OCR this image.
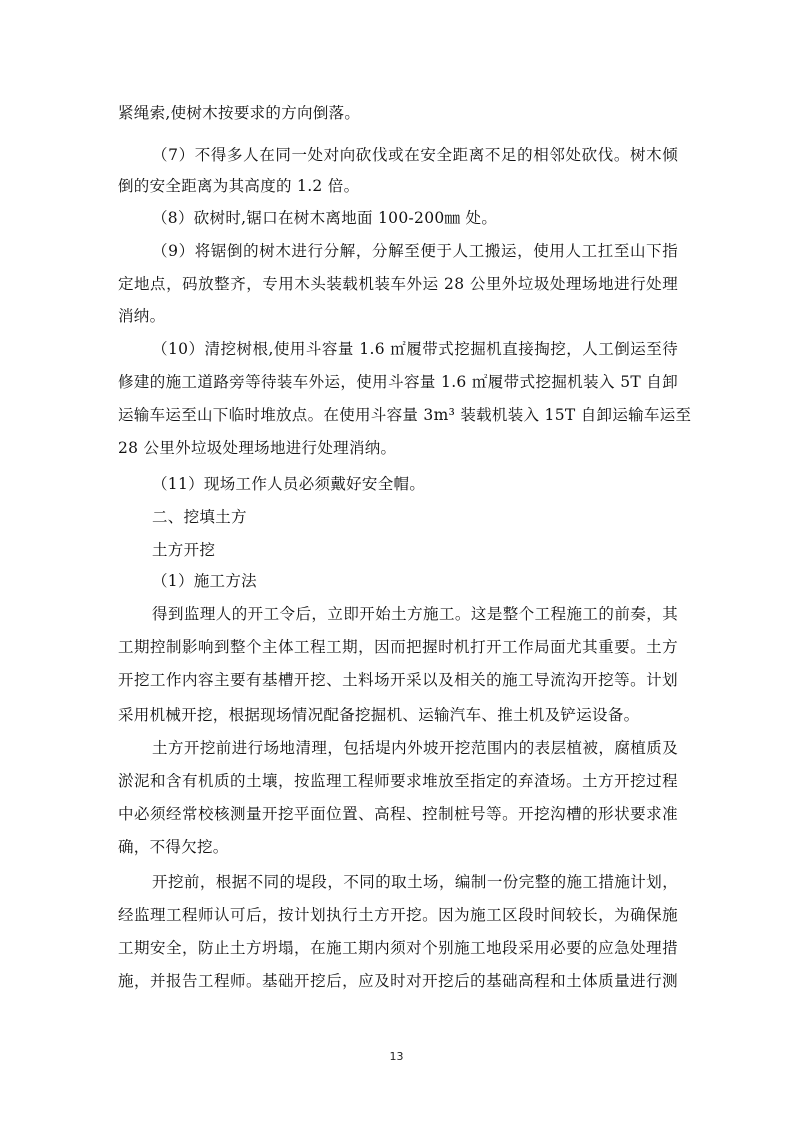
紧绳索,使树木按要求的方向倒落。
（7）不得多人在同一处对向砍伐或在安全距离不足的相邻处砍伐。树木倾
倒的安全距离为其高度的 1.2 倍。
（8）砍树时,锯口在树木离地面 100-200㎜ 处。
（9）将锯倒的树木进行分解，分解至便于人工搬运，使用人工扛至山下指
定地点，码放整齐，专用木头装载机装车外运 28 公里外垃圾处理场地进行处理
消纳。
（10）清挖树根,使用斗容量 1.6 ㎡履带式挖掘机直接掏挖，人工倒运至待
修建的施工道路旁等待装车外运，使用斗容量 1.6 ㎡履带式挖掘机装入 5T 自卸
运输车运至山下临时堆放点。在使用斗容量 3m³ 装载机装入 15T 自卸运输车运至
28 公里外垃圾处理场地进行处理消纳。
（11）现场工作人员必须戴好安全帽。
二、挖填土方
土方开挖
（1）施工方法
得到监理人的开工令后，立即开始土方施工。这是整个工程施工的前奏，其
工期控制影响到整个主体工程工期，因而把握时机打开工作局面尤其重要。土方
开挖工作内容主要有基槽开挖、土料场开采以及相关的施工导流沟开挖等。计划
采用机械开挖，根据现场情况配备挖掘机、运输汽车、推土机及铲运设备。
土方开挖前进行场地清理，包括堤内外坡开挖范围内的表层植被，腐植质及
淤泥和含有机质的土壤，按监理工程师要求堆放至指定的弃渣场。土方开挖过程
中必须经常校核测量开挖平面位置、高程、控制桩号等。开挖沟槽的形状要求准
确，不得欠挖。
开挖前，根据不同的堤段，不同的取土场，编制一份完整的施工措施计划，
经监理工程师认可后，按计划执行土方开挖。因为施工区段时间较长，为确保施
工期安全，防止土方坍塌，在施工期内须对个别施工地段采用必要的应急处理措
施，并报告工程师。基础开挖后，应及时对开挖后的基础高程和土体质量进行测
13
